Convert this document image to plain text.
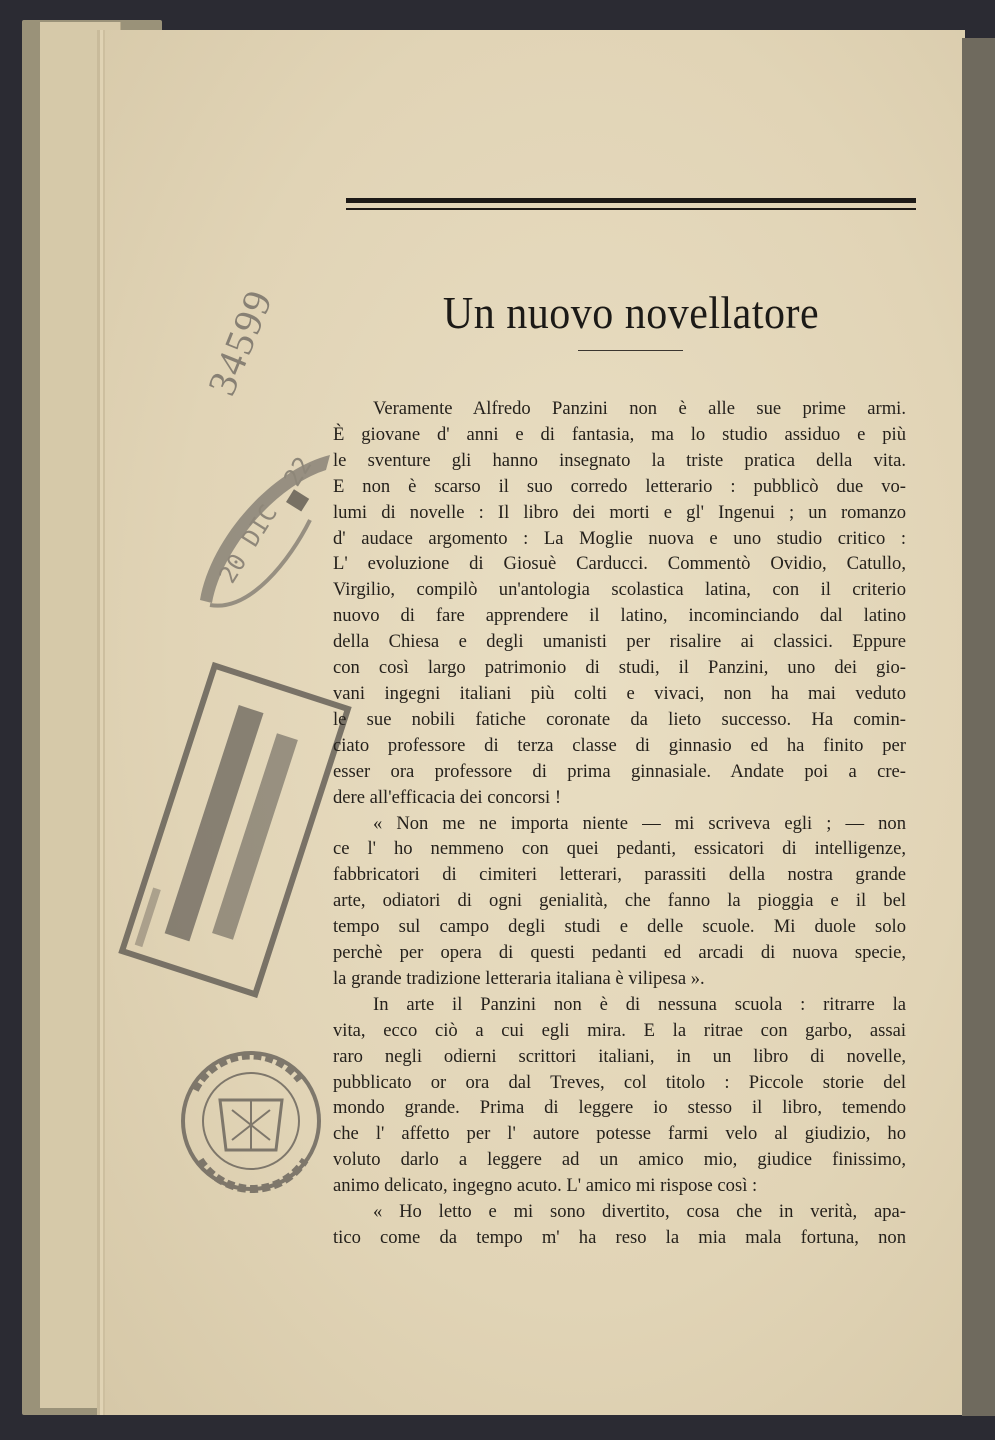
34599
20 DIC
22
Un nuovo novellatore

Veramente Alfredo Panzini non è alle sue prime armi.
È giovane d' anni e di fantasia, ma lo studio assiduo e più
le sventure gli hanno insegnato la triste pratica della vita.
E non è scarso il suo corredo letterario : pubblicò due vo-
lumi di novelle : Il libro dei morti e gl' Ingenui ; un romanzo
d' audace argomento : La Moglie nuova e uno studio critico :
L' evoluzione di Giosuè Carducci. Commentò Ovidio, Catullo,
Virgilio, compilò un'antologia scolastica latina, con il criterio
nuovo di fare apprendere il latino, incominciando dal latino
della Chiesa e degli umanisti per risalire ai classici. Eppure
con così largo patrimonio di studi, il Panzini, uno dei gio-
vani ingegni italiani più colti e vivaci, non ha mai veduto
le sue nobili fatiche coronate da lieto successo. Ha comin-
ciato professore di terza classe di ginnasio ed ha finito per
esser ora professore di prima ginnasiale. Andate poi a cre-
dere all'efficacia dei concorsi !

« Non me ne importa niente — mi scriveva egli ; — non
ce l' ho nemmeno con quei pedanti, essicatori di intelligenze,
fabbricatori di cimiteri letterari, parassiti della nostra grande
arte, odiatori di ogni genialità, che fanno la pioggia e il bel
tempo sul campo degli studi e delle scuole. Mi duole solo
perchè per opera di questi pedanti ed arcadi di nuova specie,
la grande tradizione letteraria italiana è vilipesa ».

In arte il Panzini non è di nessuna scuola : ritrarre la
vita, ecco ciò a cui egli mira. E la ritrae con garbo, assai
raro negli odierni scrittori italiani, in un libro di novelle,
pubblicato or ora dal Treves, col titolo : Piccole storie del
mondo grande. Prima di leggere io stesso il libro, temendo
che l' affetto per l' autore potesse farmi velo al giudizio, ho
voluto darlo a leggere ad un amico mio, giudice finissimo,
animo delicato, ingegno acuto. L' amico mi rispose così :

« Ho letto e mi sono divertito, cosa che in verità, apa-
tico come da tempo m' ha reso la mia mala fortuna, non
